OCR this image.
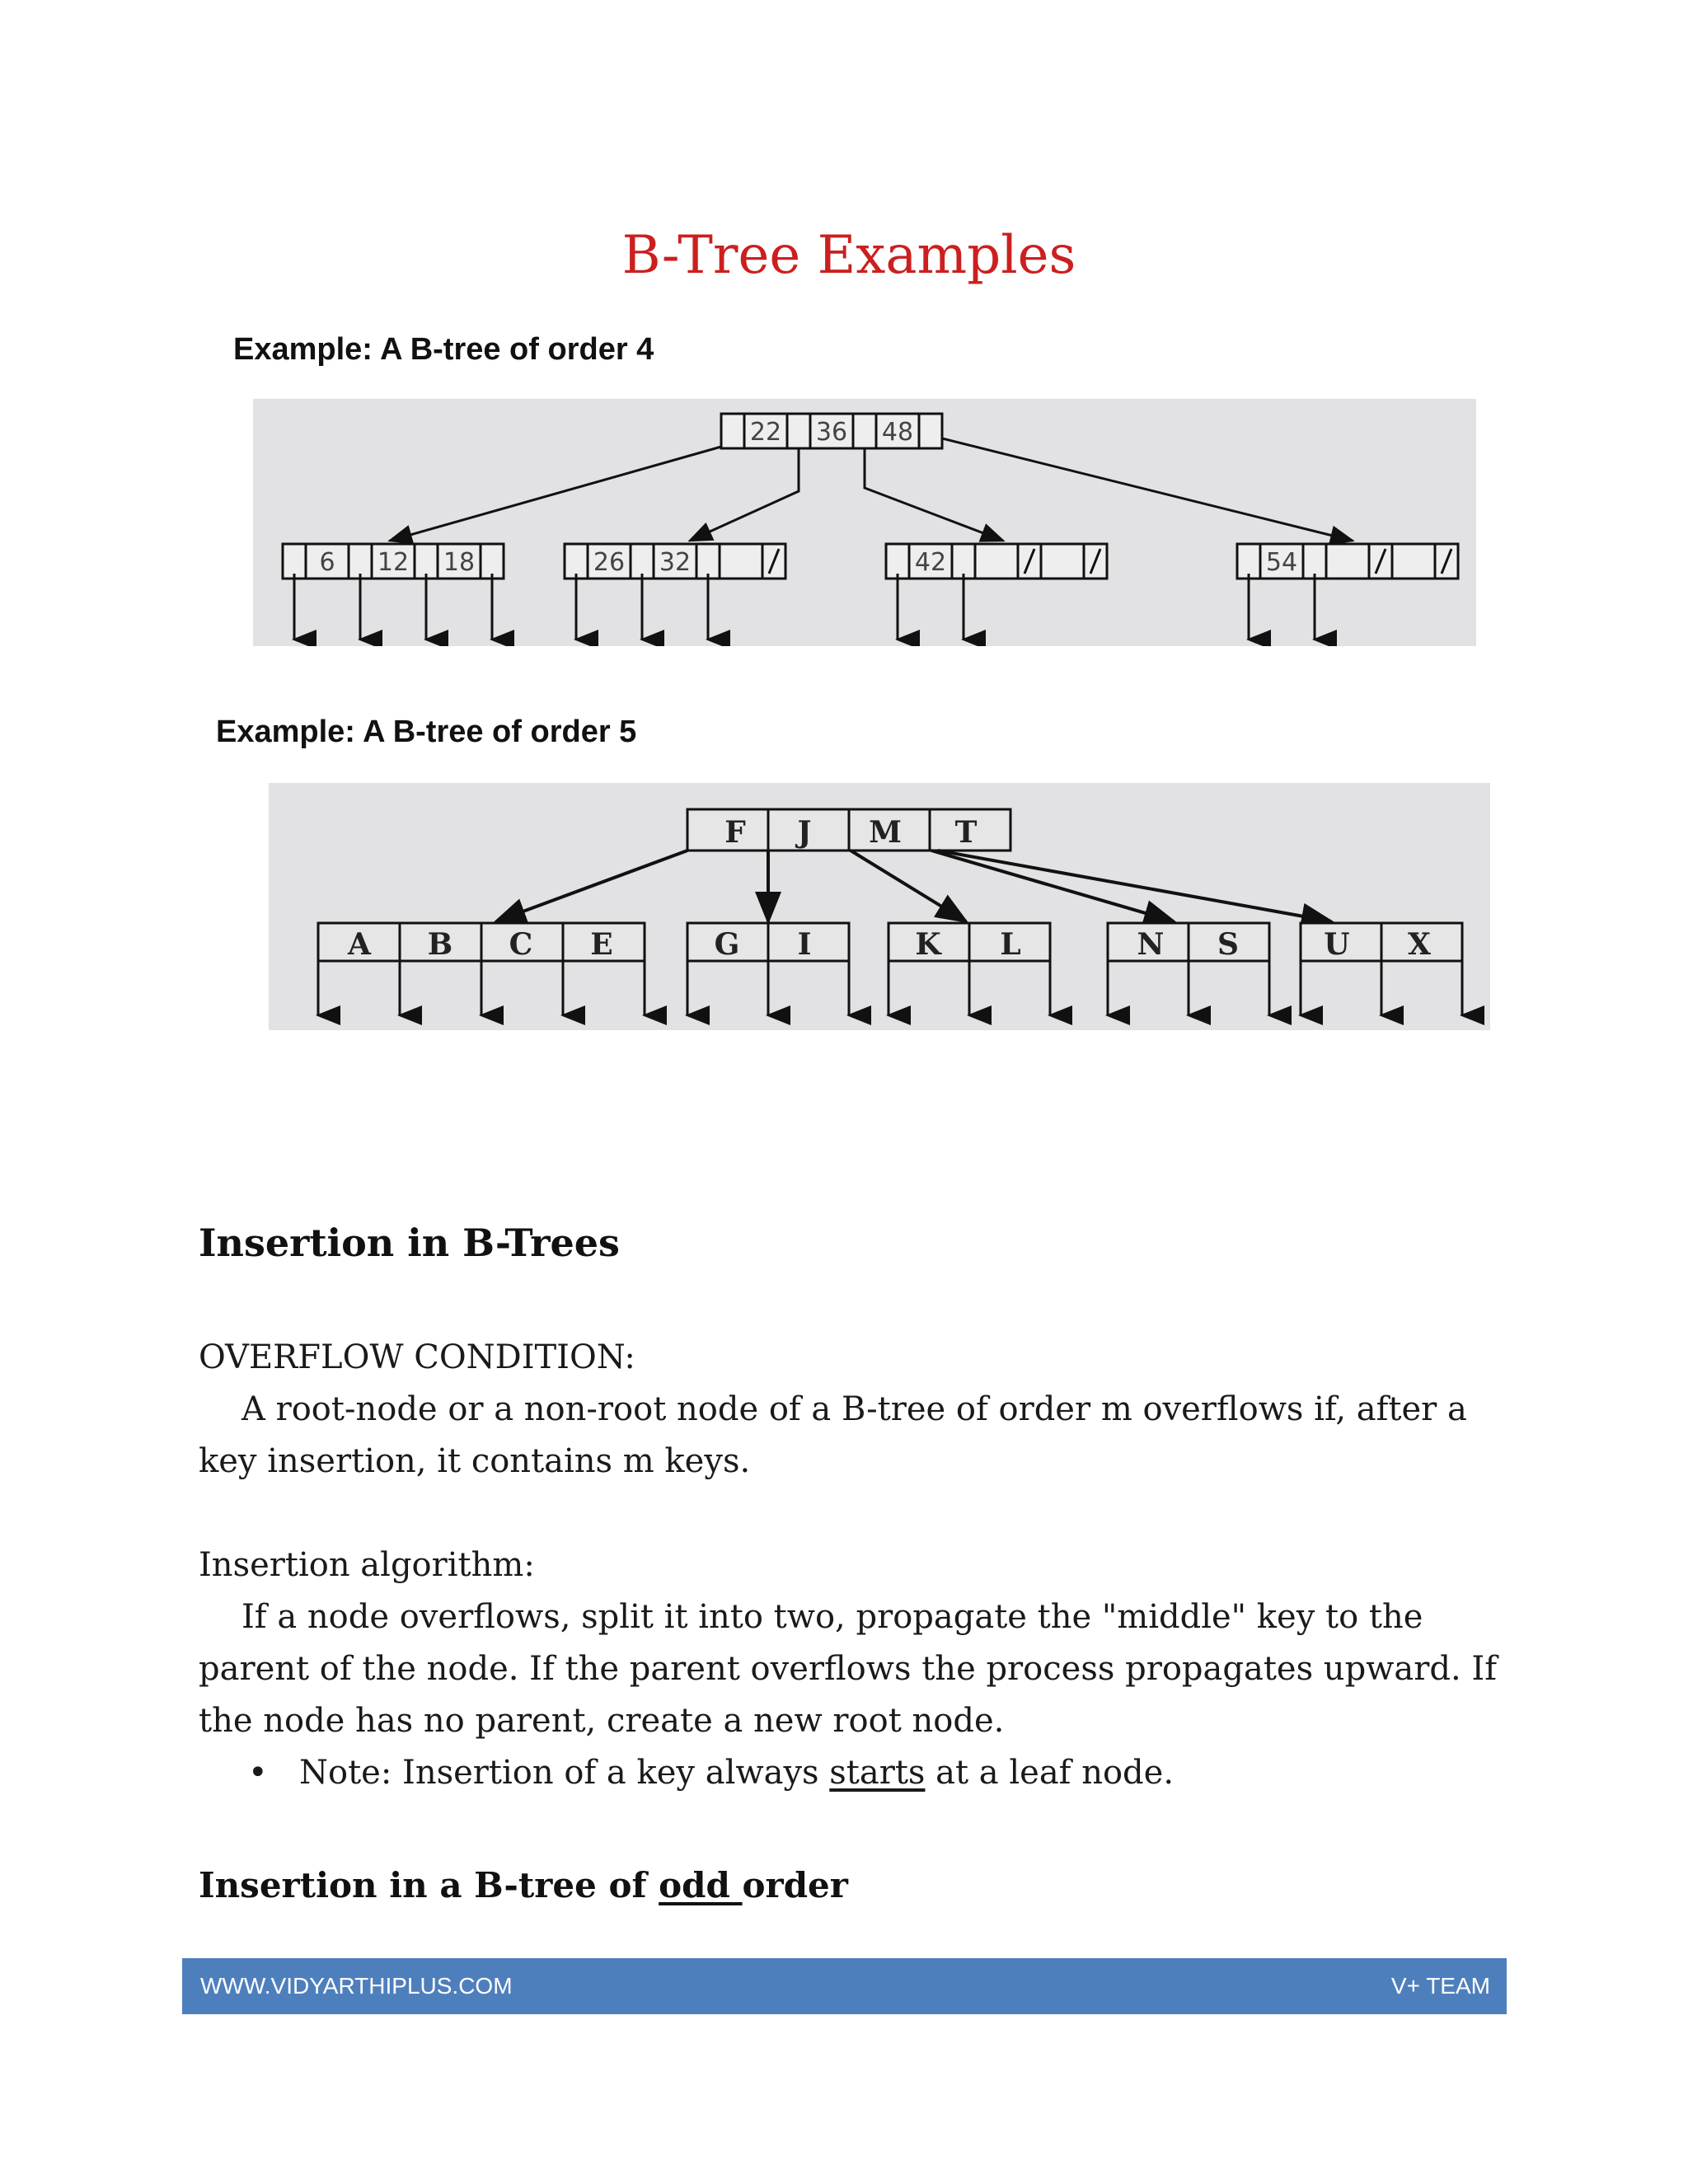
B-Tree Examples
Example: A B-tree of order 4
22 36 48
6 12 18	26 32	42	54
Example: A B-tree of order 5
F J M T
A B C E	G I	K L	N S	U X
Insertion in B-Trees
OVERFLOW CONDITION:
A root-node or a non-root node of a B-tree of order m overflows if, after a
key insertion, it contains m keys.
Insertion algorithm:
If a node overflows, split it into two, propagate the "middle" key to the
parent of the node. If the parent overflows the process propagates upward. If
the node has no parent, create a new root node.
• Note: Insertion of a key always starts at a leaf node.
Insertion in a B-tree of odd order
WWW.VIDYARTHIPLUS.COM	V+ TEAM
